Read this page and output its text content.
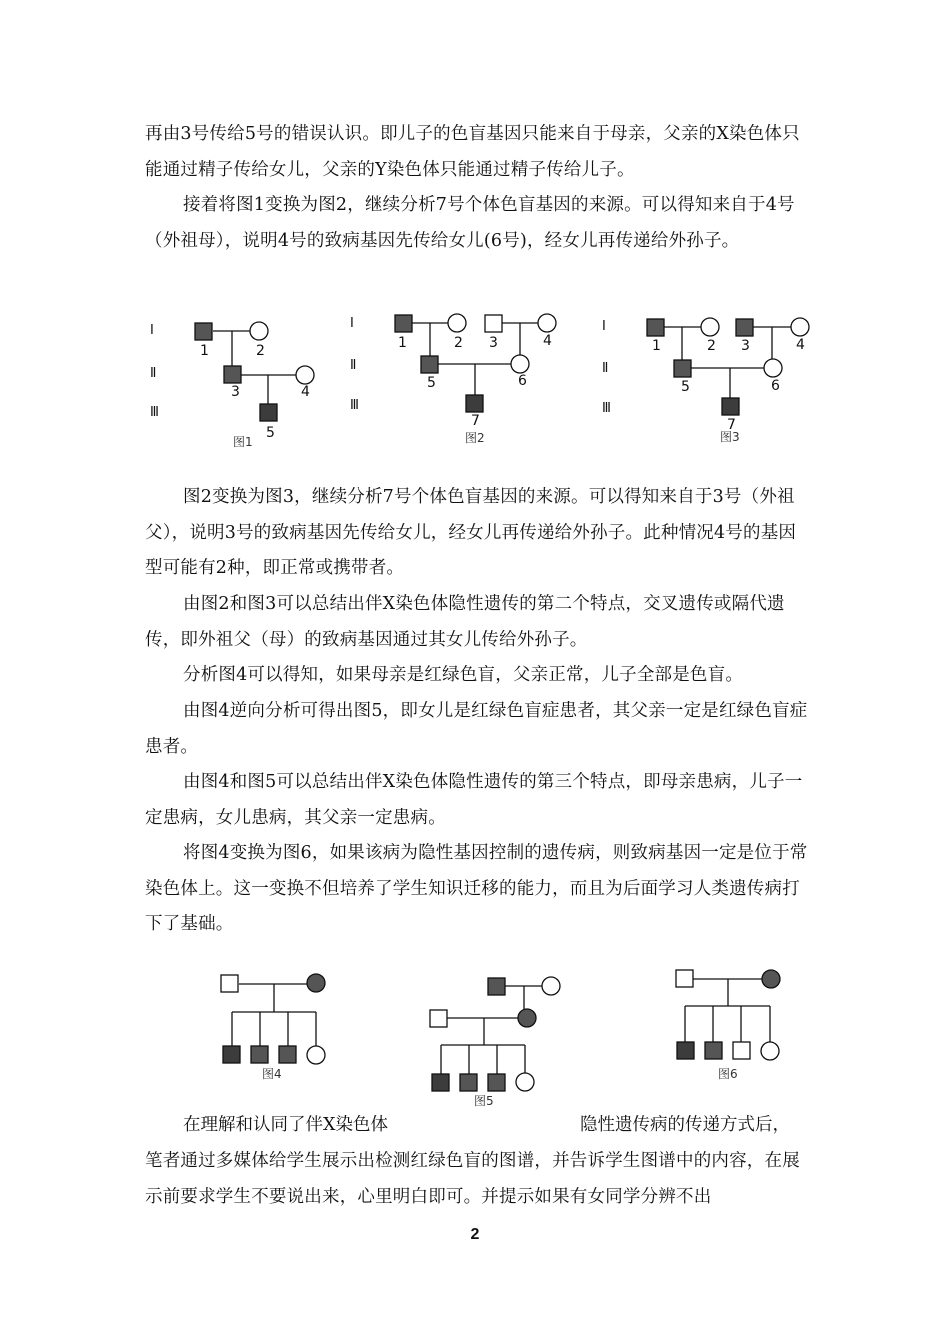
再由3号传给5号的错误认识。即儿子的色盲基因只能来自于母亲，父亲的X染色体只能通过精子传给女儿，父亲的Y染色体只能通过精子传给儿子。

接着将图1变换为图2，继续分析7号个体色盲基因的来源。可以得知来自于4号（外祖母），说明4号的致病基因先传给女儿(6号)，经女儿再传递给外孙子。

Ⅰ
Ⅱ
Ⅲ
1	2
3	4
5
图1
Ⅰ
Ⅱ
Ⅲ
1	2 3	4
5	6
7
图2
Ⅰ
Ⅱ
Ⅲ
1	2 3	4
5	6
7
图3

图2变换为图3，继续分析7号个体色盲基因的来源。可以得知来自于3号（外祖父），说明3号的致病基因先传给女儿，经女儿再传递给外孙子。此种情况4号的基因型可能有2种，即正常或携带者。

由图2和图3可以总结出伴X染色体隐性遗传的第二个特点，交叉遗传或隔代遗传，即外祖父（母）的致病基因通过其女儿传给外孙子。

分析图4可以得知，如果母亲是红绿色盲，父亲正常，儿子全部是色盲。

由图4逆向分析可得出图5，即女儿是红绿色盲症患者，其父亲一定是红绿色盲症患者。

由图4和图5可以总结出伴X染色体隐性遗传的第三个特点，即母亲患病，儿子一定患病，女儿患病，其父亲一定患病。

将图4变换为图6，如果该病为隐性基因控制的遗传病，则致病基因一定是位于常染色体上。这一变换不但培养了学生知识迁移的能力，而且为后面学习人类遗传病打下了基础。

图4
图5
图6
在理解和认同了伴X染色体	隐性遗传病的传递方式后，

笔者通过多媒体给学生展示出检测红绿色盲的图谱，并告诉学生图谱中的内容，在展示前要求学生不要说出来，心里明白即可。并提示如果有女同学分辨不出

2
